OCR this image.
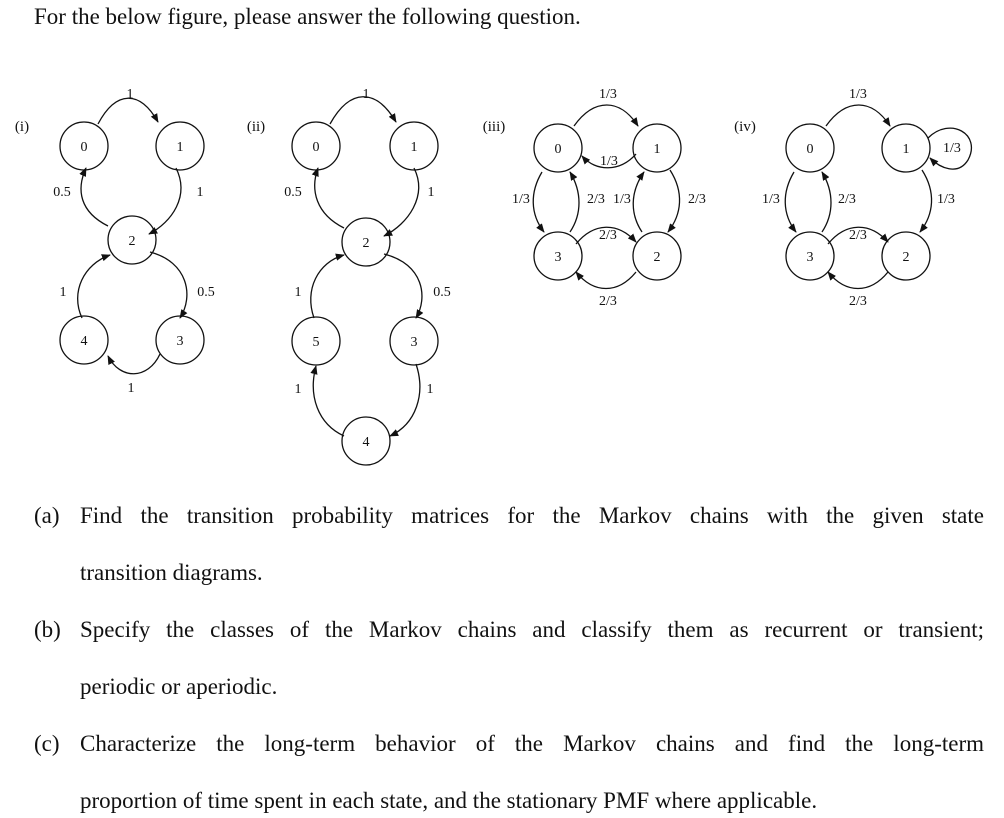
For the below figure, please answer the following question.

(i)
0	1
2
3
4
1
1
0.5
0.5
1
1
(ii)
0	1
2
3
4
5
1
1
0.5
0.5
1
1
1
(iii)
0	1
2
3
1/3
1/3
1/3	2/3	2/3
1/3
2/3
2/3
(iv)
0	1
2
3
1/3
1/3
1/3	2/3	1/3
2/3
2/3
(a) Find the transition probability matrices for the Markov chains with the given state
transition diagrams.
(b) Specify the classes of the Markov chains and classify them as recurrent or transient;
periodic or aperiodic.
(c) Characterize the long-term behavior of the Markov chains and find the long-term
proportion of time spent in each state, and the stationary PMF where applicable.
